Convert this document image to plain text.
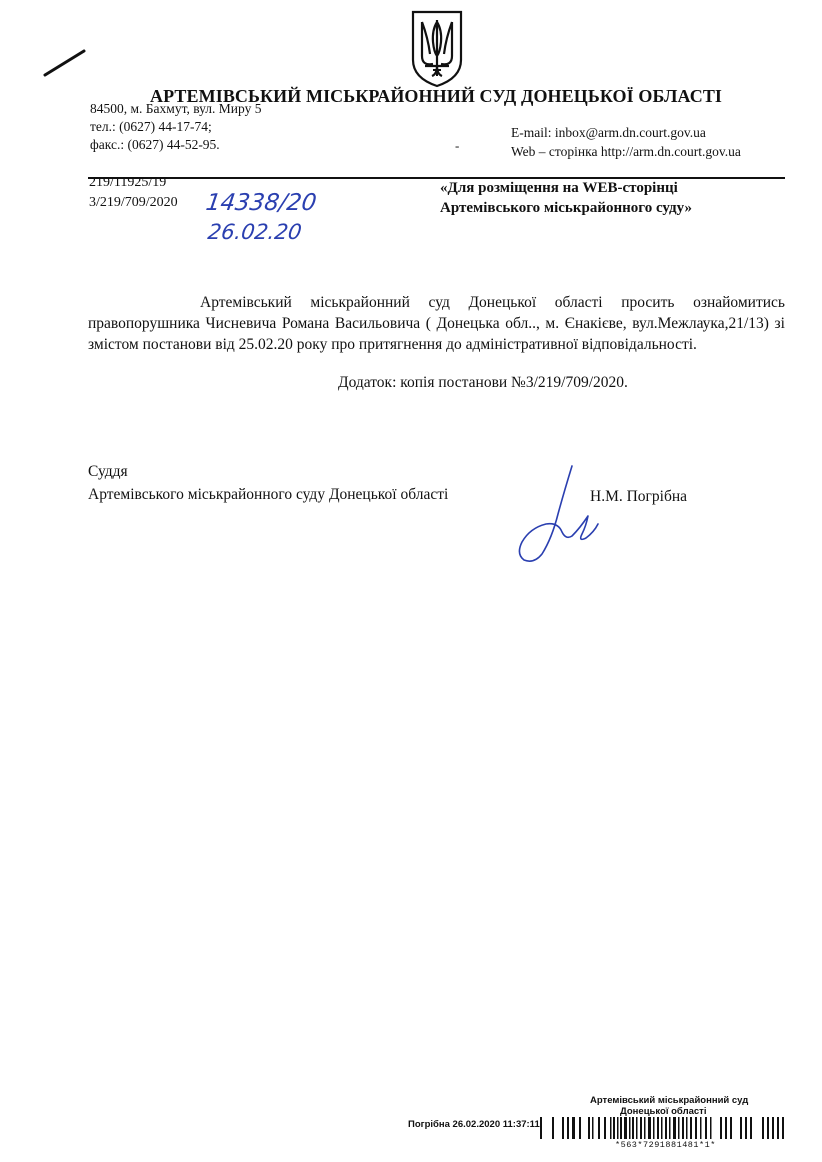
АРТЕМІВСЬКИЙ МІСЬКРАЙОННИЙ СУД ДОНЕЦЬКОЇ ОБЛАСТІ
84500, м. Бахмут, вул. Миру 5
тел.: (0627) 44-17-74;
факс.: (0627) 44-52-95.	-
E-mail: inbox@arm.dn.court.gov.ua
Web – сторінка http://arm.dn.court.gov.ua
219/11925/19
3/219/709/2020 14338/20
26.02.20
«Для розміщення на WEB-сторінці
Артемівського міськрайонного суду»

Артемівський міськрайонний суд Донецької області просить ознайомитись правопорушника Чисневича Романа Васильовича ( Донецька обл.., м. Єнакієве, вул.Межлаука,21/13) зі змістом постанови від 25.02.20 року про притягнення до адміністративної відповідальності.

Додаток: копія постанови №3/219/709/2020.
Суддя
Артемівського міськрайонного суду Донецької області	Н.М. Погрібна
Артемівський міськрайонний суд
Донецької області
Погрібна 26.02.2020 11:37:11
*563*7291881481*1*
